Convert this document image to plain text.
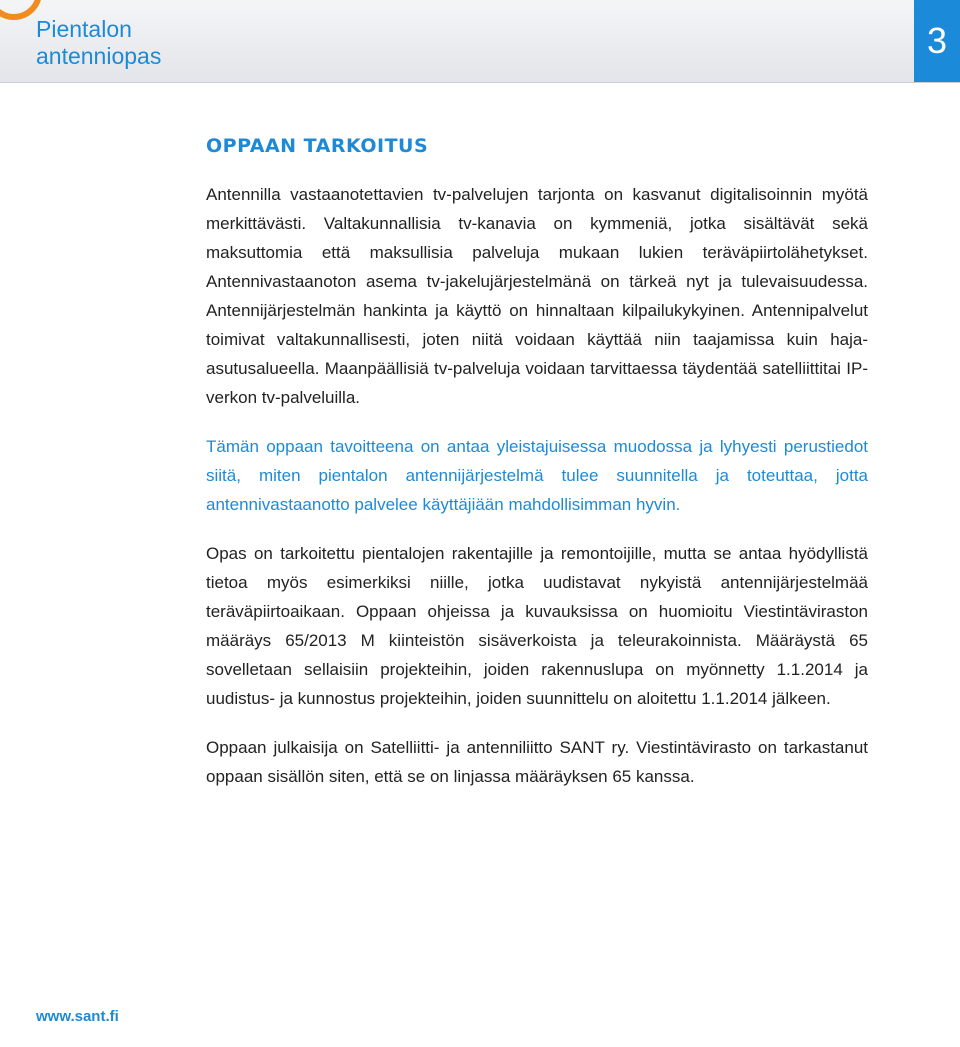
Pientalon
antenniopas	3
OPPAAN TARKOITUS

Antennilla vastaanotettavien tv-palvelujen tarjonta on kasvanut digitalisoinnin myötä merkittävästi. Valtakunnallisia tv-kanavia on kymmeniä, jotka sisältävät sekä maksuttomia että maksullisia palveluja mukaan lukien teräväpiirtolähetykset. Antennivastaanoton asema tv-jakelujärjestelmänä on tärkeä nyt ja tulevaisuudessa. Antennijärjestelmän hankinta ja käyttö on hinnaltaan kilpailukykyinen. Antennipalvelut toimivat valtakunnallisesti, joten niitä voidaan käyttää niin taajamissa kuin haja-asutusalueella. Maanpäällisiä tv-palveluja voidaan tarvittaessa täydentää satelliittitai IP-verkon tv-palveluilla.

Tämän oppaan tavoitteena on antaa yleistajuisessa muodossa ja lyhyesti perustiedot siitä, miten pientalon antennijärjestelmä tulee suunnitella ja toteuttaa, jotta antennivastaanotto palvelee käyttäjiään mahdollisimman hyvin.

Opas on tarkoitettu pientalojen rakentajille ja remontoijille, mutta se antaa hyödyllistä tietoa myös esimerkiksi niille, jotka uudistavat nykyistä antennijärjestelmää teräväpiirtoaikaan. Oppaan ohjeissa ja kuvauksissa on huomioitu Viestintäviraston määräys 65/2013 M kiinteistön sisäverkoista ja teleurakoinnista. Määräystä 65 sovelletaan sellaisiin projekteihin, joiden rakennuslupa on myönnetty 1.1.2014 ja uudistus- ja kunnostus projekteihin, joiden suunnittelu on aloitettu 1.1.2014 jälkeen.

Oppaan julkaisija on Satelliitti- ja antenniliitto SANT ry. Viestintävirasto on tarkastanut oppaan sisällön siten, että se on linjassa määräyksen 65 kanssa.

www.sant.fi
